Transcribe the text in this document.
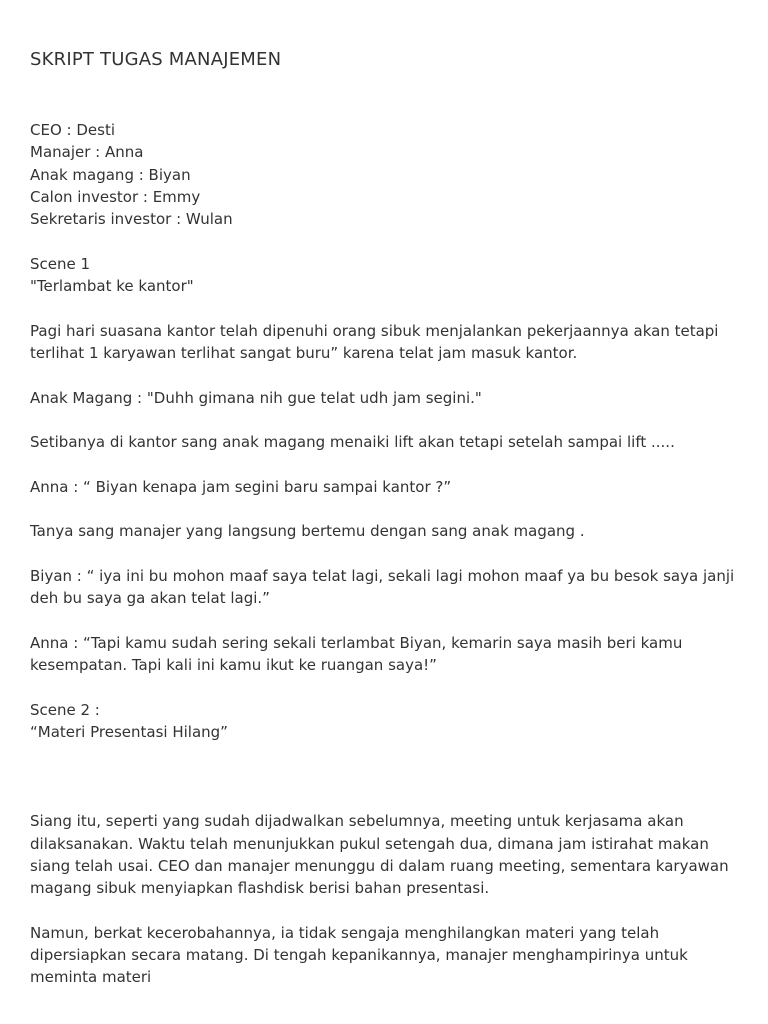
SKRIPT TUGAS MANAJEMEN

CEO : Desti

Manajer : Anna

Anak magang : Biyan

Calon investor : Emmy

Sekretaris investor : Wulan

Scene 1

"Terlambat ke kantor"

Pagi hari suasana kantor telah dipenuhi orang sibuk menjalankan pekerjaannya akan tetapi terlihat 1 karyawan terlihat sangat buru” karena telat jam masuk kantor.

Anak Magang : "Duhh gimana nih gue telat udh jam segini."

Setibanya di kantor sang anak magang menaiki lift akan tetapi setelah sampai lift .....

Anna : “ Biyan kenapa jam segini baru sampai kantor ?”

Tanya sang manajer yang langsung bertemu dengan sang anak magang .

Biyan : “ iya ini bu mohon maaf saya telat lagi, sekali lagi mohon maaf ya bu besok saya janji deh bu saya ga akan telat lagi.”

Anna : “Tapi kamu sudah sering sekali terlambat Biyan, kemarin saya masih beri kamu kesempatan. Tapi kali ini kamu ikut ke ruangan saya!”

Scene 2 :

“Materi Presentasi Hilang”

Siang itu, seperti yang sudah dijadwalkan sebelumnya, meeting untuk kerjasama akan dilaksanakan. Waktu telah menunjukkan pukul setengah dua, dimana jam istirahat makan siang telah usai. CEO dan manajer menunggu di dalam ruang meeting, sementara karyawan magang sibuk menyiapkan flashdisk berisi bahan presentasi.

Namun, berkat kecerobahannya, ia tidak sengaja menghilangkan materi yang telah dipersiapkan secara matang. Di tengah kepanikannya, manajer menghampirinya untuk meminta materi
